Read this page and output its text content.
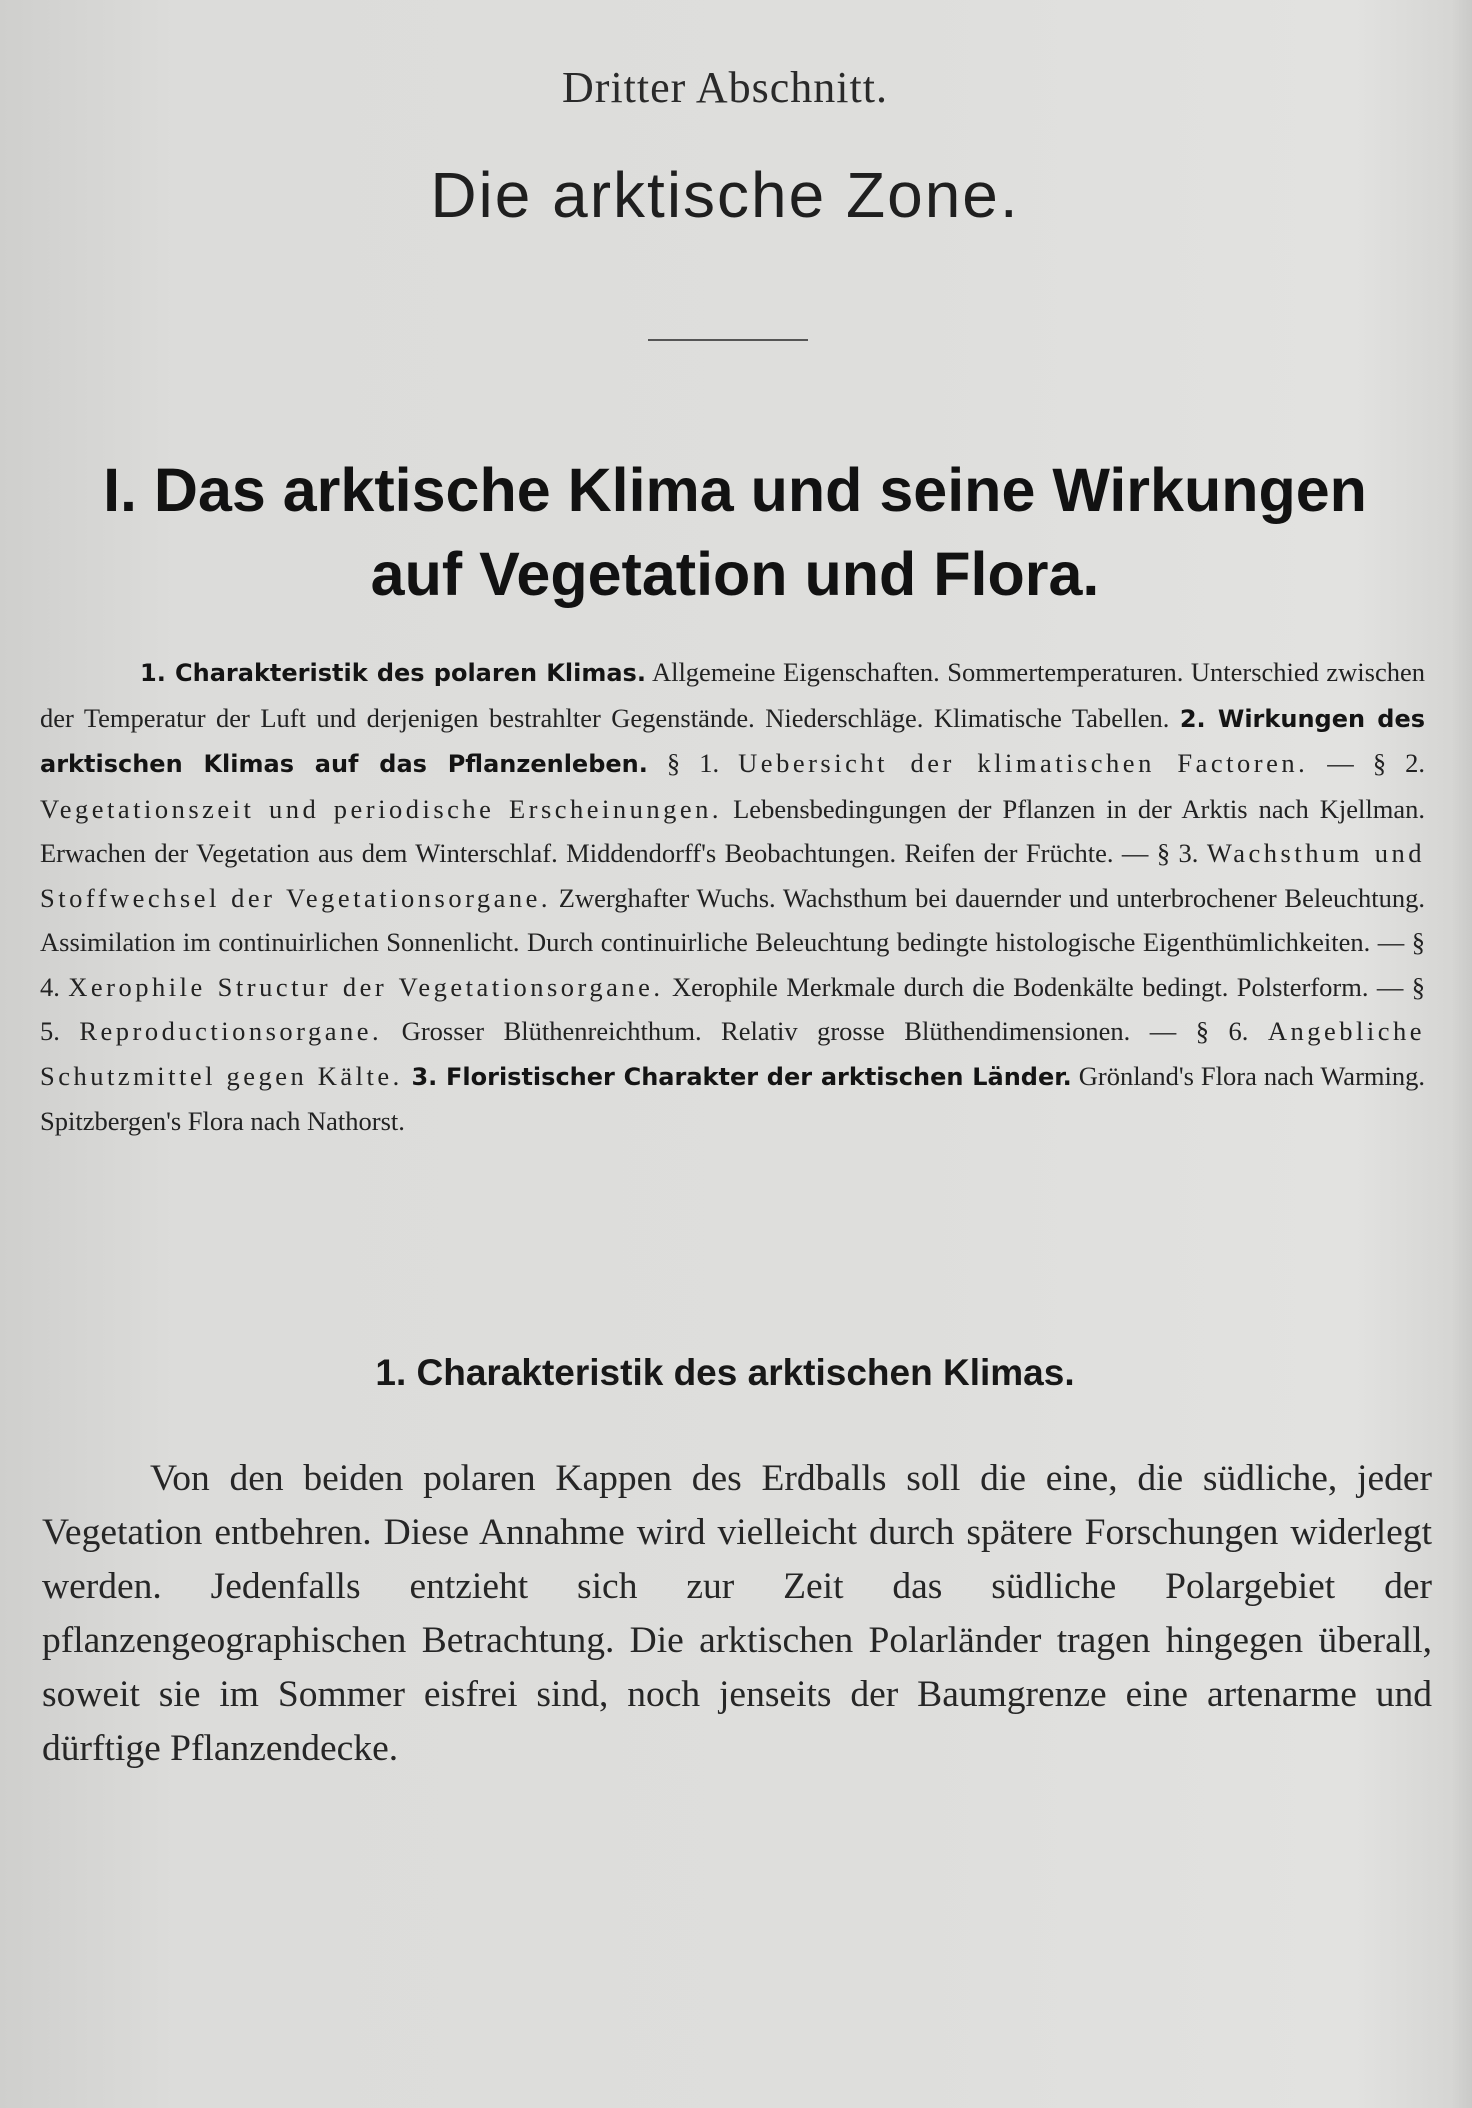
Dritter Abschnitt.
Die arktische Zone.
I. Das arktische Klima und seine Wirkungen
auf Vegetation und Flora.
1. Charakteristik des polaren Klimas. Allgemeine Eigenschaften. Sommertemperaturen. Unterschied zwischen der Temperatur der Luft und derjenigen bestrahlter Gegenstände. Niederschläge. Klimatische Tabellen. 2. Wirkungen des arktischen Klimas auf das Pflanzenleben. § 1. Uebersicht der klimatischen Factoren. — § 2. Vegetationszeit und periodische Erscheinungen. Lebensbedingungen der Pflanzen in der Arktis nach Kjellman. Erwachen der Vegetation aus dem Winterschlaf. Middendorff's Beobachtungen. Reifen der Früchte. — § 3. Wachsthum und Stoffwechsel der Vegetationsorgane. Zwerghafter Wuchs. Wachsthum bei dauernder und unterbrochener Beleuchtung. Assimilation im continuirlichen Sonnenlicht. Durch continuirliche Beleuchtung bedingte histologische Eigenthümlichkeiten. — § 4. Xerophile Structur der Vegetationsorgane. Xerophile Merkmale durch die Bodenkälte bedingt. Polsterform. — § 5. Reproductionsorgane. Grosser Blüthenreichthum. Relativ grosse Blüthendimensionen. — § 6. Angebliche Schutzmittel gegen Kälte. 3. Floristischer Charakter der arktischen Länder. Grönland's Flora nach Warming. Spitzbergen's Flora nach Nathorst.
1. Charakteristik des arktischen Klimas.
Von den beiden polaren Kappen des Erdballs soll die eine, die südliche, jeder Vegetation entbehren. Diese Annahme wird vielleicht durch spätere Forschungen widerlegt werden. Jedenfalls entzieht sich zur Zeit das südliche Polargebiet der pflanzengeographischen Betrachtung. Die arktischen Polarländer tragen hingegen überall, soweit sie im Sommer eisfrei sind, noch jenseits der Baumgrenze eine artenarme und dürftige Pflanzendecke.
